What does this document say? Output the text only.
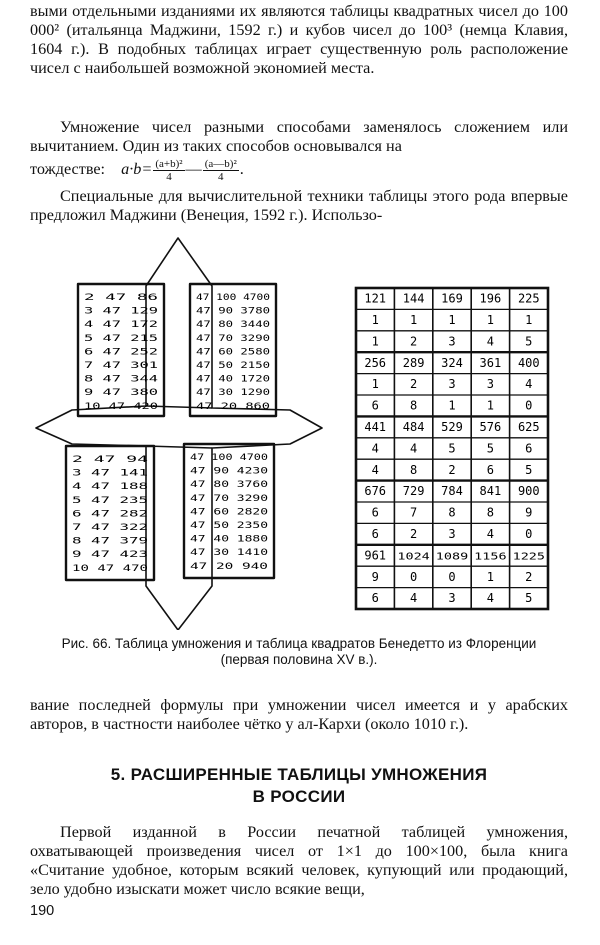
выми отдельными изданиями их являются таблицы квадратных чисел до 100 000² (итальянца Маджини, 1592 г.) и кубов чисел до 100³ (немца Клавия, 1604 г.). В подобных таблицах играет существенную роль расположение чисел с наибольшей возможной экономией места.

Умножение чисел разными способами заменялось сложением или вычитанием. Один из таких способов основывался на

тождестве: $a\cdot b= \frac{\text{(a+b)²}}{4}$ — $\frac{\text{(a—b)²}}{4}$ .

Специальные для вычислительной техники таблицы этого рода впервые предложил Маджини (Венеция, 1592 г.). Использо-

2 47 86
3 47 129
4 47 172
5 47 215
6 47 252
7 47 301
8 47 344
9 47 380
10 47 420
47 100 4700
47 90 3780
47 80 3440
47 70 3290
47 60 2580
47 50 2150
47 40 1720
47 30 1290
47 20 860
2 47 94
3 47 141
4 47 188
5 47 235
6 47 282
7 47 322
8 47 379
9 47 423
10 47 470
47 100 4700
47 90 4230
47 80 3760
47 70 3290
47 60 2820
47 50 2350
47 40 1880
47 30 1410
47 20 940
121 144 169 196 225
1	1	1	1	1
1	2	3	4	5
256 289 324 361 400
1	2	3	3	4
6	8	1	1	0
441 484 529 576 625
4	4	5	5	6
4	8	2	6	5
676 729 784 841 900
6	7	8	8	9
6	2	3	4	0
961 1024 1089 1156 1225
9	0	0	1	2
6	4	3	4	5
Рис. 66. Таблица умножения и таблица квадратов Бенедетто из Флоренции
(первая половина XV в.).

вание последней формулы при умножении чисел имеется и у арабских авторов, в частности наиболее чётко у ал-Кархи (около 1010 г.).

5. РАСШИРЕННЫЕ ТАБЛИЦЫ УМНОЖЕНИЯ
В РОССИИ

Первой изданной в России печатной таблицей умножения, охватывающей произведения чисел от 1×1 до 100×100, была книга «Считание удобное, которым всякий человек, купующий или продающий, зело удобно изыскати может число всякие вещи,

190
